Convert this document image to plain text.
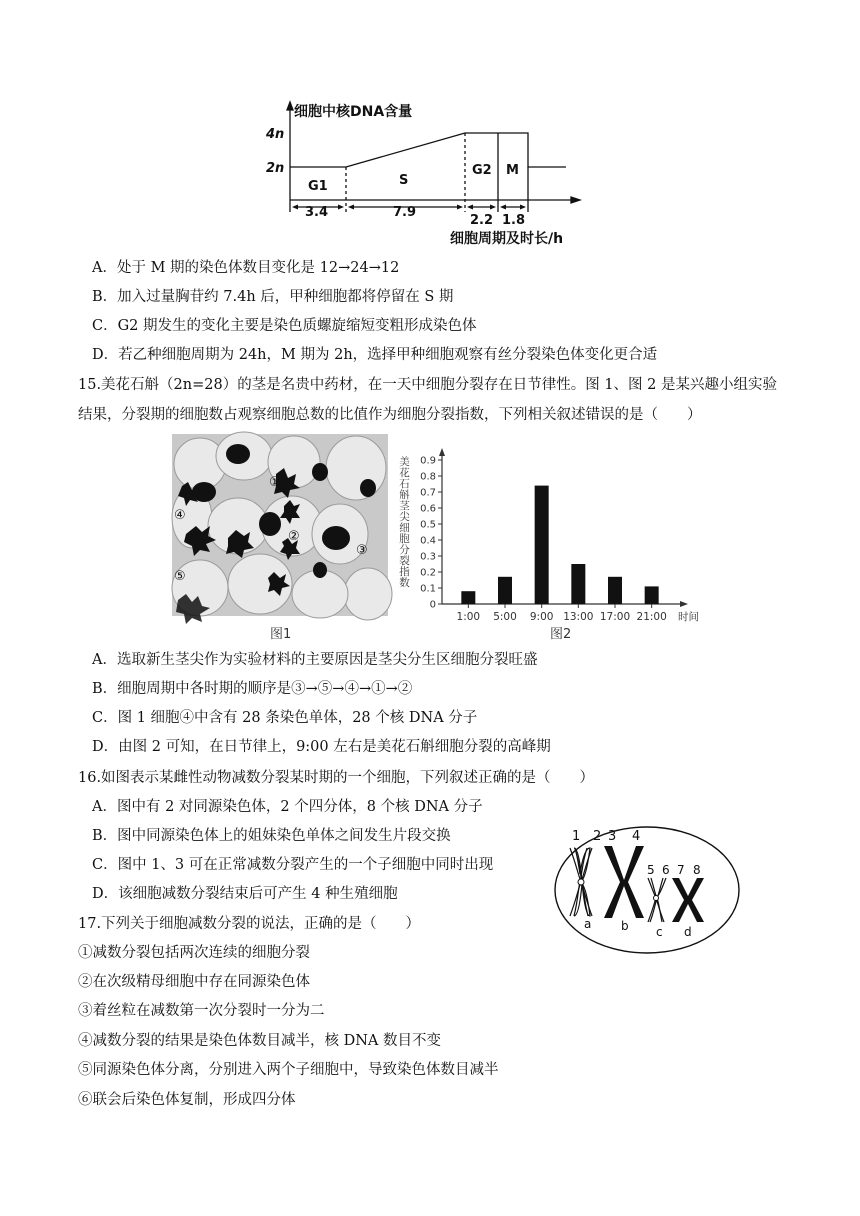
细胞中核DNA含量
4n
2n
G1	S
G2 M
3.4	7.9
2.2 1.8
细胞周期及时长/h
A．处于 M 期的染色体数目变化是 12→24→12
B．加入过量胸苷约 7.4h 后，甲种细胞都将停留在 S 期
C．G2 期发生的变化主要是染色质螺旋缩短变粗形成染色体
D．若乙种细胞周期为 24h，M 期为 2h，选择甲种细胞观察有丝分裂染色体变化更合适
15.美花石斛（2n=28）的茎是名贵中药材，在一天中细胞分裂存在日节律性。图 1、图 2 是某兴趣小组实验
结果，分裂期的细胞数占观察细胞总数的比值作为细胞分裂指数，下列相关叙述错误的是（　　）
①
②
③
④
⑤
图1
0
0.1
0.2
0.3
0.4
0.5
0.6
0.7
0.8
0.9
1:00 5:00 9:00 13:00 17:00 21:00 时间
美花石斛茎尖细胞分裂指数
图2
A．选取新生茎尖作为实验材料的主要原因是茎尖分生区细胞分裂旺盛
B．细胞周期中各时期的顺序是③→⑤→④→①→②
C．图 1 细胞④中含有 28 条染色单体，28 个核 DNA 分子
D．由图 2 可知，在日节律上，9:00 左右是美花石斛细胞分裂的高峰期
16.如图表示某雌性动物减数分裂某时期的一个细胞，下列叙述正确的是（　　）
A．图中有 2 对同源染色体，2 个四分体，8 个核 DNA 分子
B．图中同源染色体上的姐妹染色单体之间发生片段交换
C．图中 1、3 可在正常减数分裂产生的一个子细胞中同时出现
D．该细胞减数分裂结束后可产生 4 种生殖细胞
1 2 3 4
5 6 7 8
a b c d
17.下列关于细胞减数分裂的说法，正确的是（　　）
①减数分裂包括两次连续的细胞分裂
②在次级精母细胞中存在同源染色体
③着丝粒在减数第一次分裂时一分为二
④减数分裂的结果是染色体数目减半，核 DNA 数目不变
⑤同源染色体分离，分别进入两个子细胞中，导致染色体数目减半
⑥联会后染色体复制，形成四分体
